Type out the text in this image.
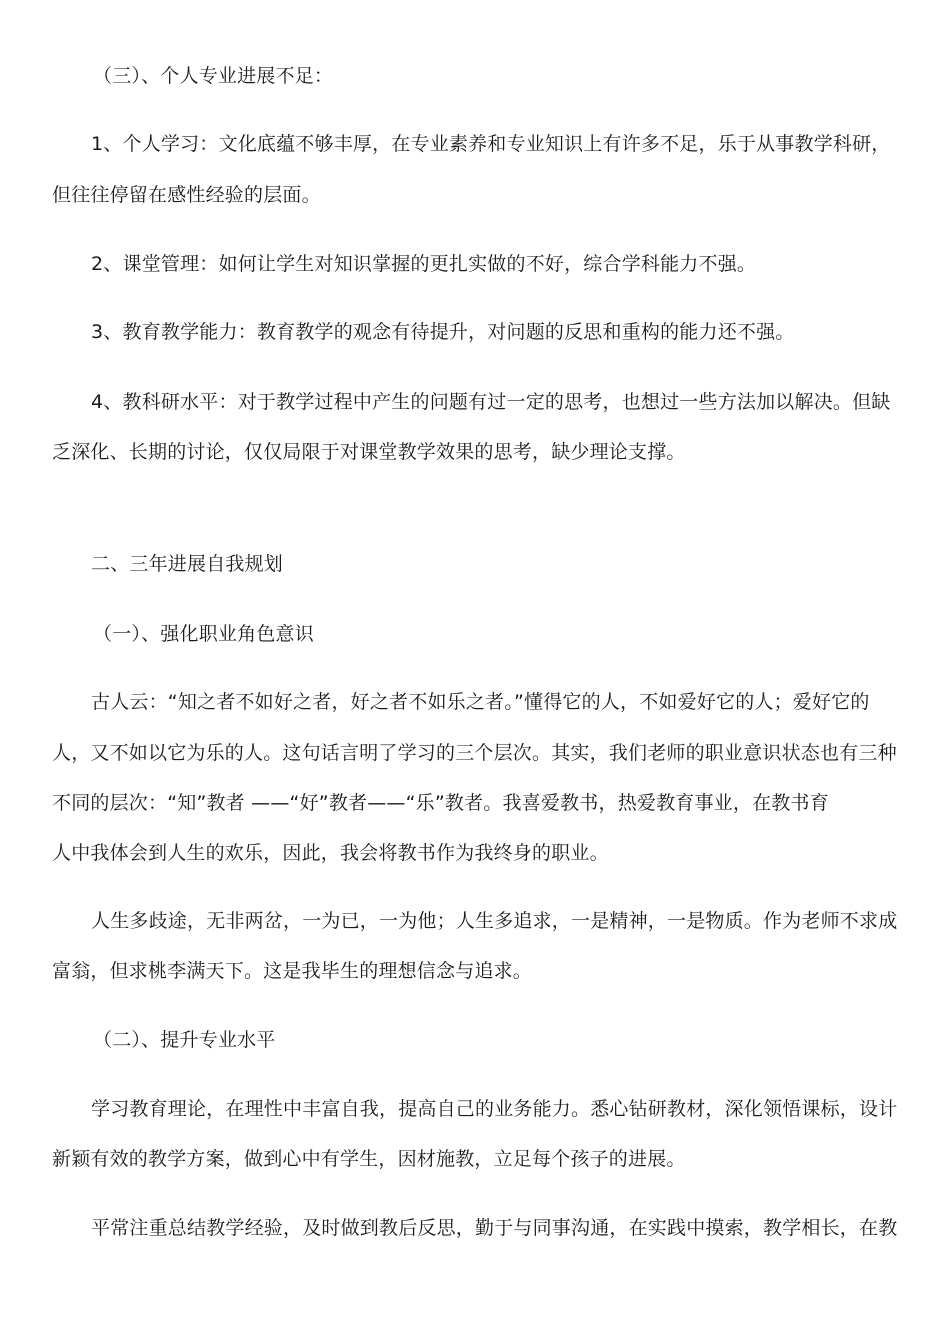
（三）、个人专业进展不足：
1、个人学习：文化底蕴不够丰厚，在专业素养和专业知识上有许多不足，乐于从事教学科研，
但往往停留在感性经验的层面。
2、课堂管理：如何让学生对知识掌握的更扎实做的不好，综合学科能力不强。
3、教育教学能力：教育教学的观念有待提升，对问题的反思和重构的能力还不强。
4、教科研水平：对于教学过程中产生的问题有过一定的思考，也想过一些方法加以解决。但缺
乏深化、长期的讨论，仅仅局限于对课堂教学效果的思考，缺少理论支撑。
二、三年进展自我规划
（一）、强化职业角色意识
古人云：“知之者不如好之者，好之者不如乐之者。”懂得它的人，不如爱好它的人；爱好它的
人，又不如以它为乐的人。这句话言明了学习的三个层次。其实，我们老师的职业意识状态也有三种
不同的层次：“知”教者 ——“好”教者——“乐”教者。我喜爱教书，热爱教育事业，在教书育
人中我体会到人生的欢乐，因此，我会将教书作为我终身的职业。
人生多歧途，无非两岔，一为已，一为他；人生多追求，一是精神，一是物质。作为老师不求成
富翁，但求桃李满天下。这是我毕生的理想信念与追求。
（二）、提升专业水平
学习教育理论，在理性中丰富自我，提高自己的业务能力。悉心钻研教材，深化领悟课标，设计
新颖有效的教学方案，做到心中有学生，因材施教，立足每个孩子的进展。
平常注重总结教学经验，及时做到教后反思，勤于与同事沟通，在实践中摸索，教学相长，在教
